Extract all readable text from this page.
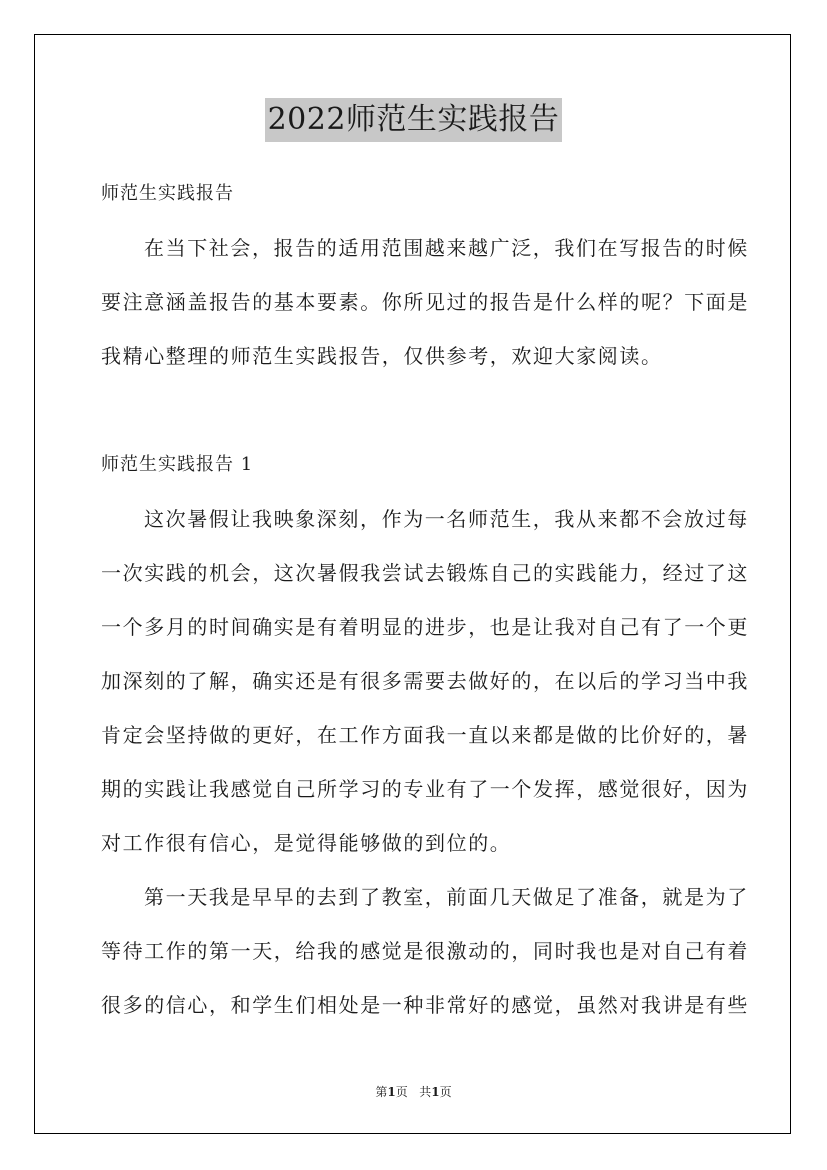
2022师范生实践报告
师范生实践报告
在当下社会，报告的适用范围越来越广泛，我们在写报告的时候
要注意涵盖报告的基本要素。你所见过的报告是什么样的呢？下面是
我精心整理的师范生实践报告，仅供参考，欢迎大家阅读。
师范生实践报告 1
这次暑假让我映象深刻，作为一名师范生，我从来都不会放过每
一次实践的机会，这次暑假我尝试去锻炼自己的实践能力，经过了这
一个多月的时间确实是有着明显的进步，也是让我对自己有了一个更
加深刻的了解，确实还是有很多需要去做好的，在以后的学习当中我
肯定会坚持做的更好，在工作方面我一直以来都是做的比价好的，暑
期的实践让我感觉自己所学习的专业有了一个发挥，感觉很好，因为
对工作很有信心，是觉得能够做的到位的。
第一天我是早早的去到了教室，前面几天做足了准备，就是为了
等待工作的第一天，给我的感觉是很激动的，同时我也是对自己有着
很多的信心，和学生们相处是一种非常好的感觉，虽然对我讲是有些
第1页   共1页
